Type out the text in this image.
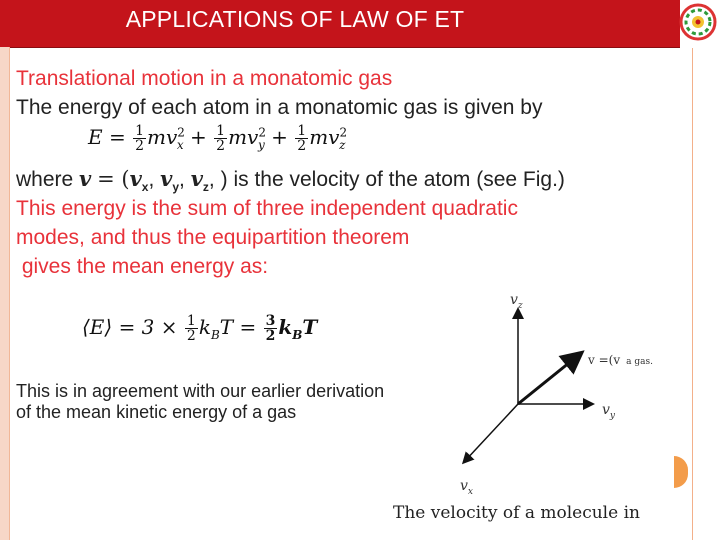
APPLICATIONS OF LAW OF ET
Translational motion in a monatomic gas
The energy of each atom in a monatomic gas is given by
$E = \frac{1}{2} mv^2_x + \frac{1}{2} mv^2_y + \frac{1}{2} mv^2_z$
where $v = (v_x$, $v_y$, $v_z$, ) is the velocity of the atom (see Fig.)
This energy is the sum of three independent quadratic
modes, and thus the equipartition theorem
gives the mean energy as:
⟨E⟩ = $3 \times \frac{1}{2} k_BT = \frac{3}{2} k_BT$
This is in agreement with our earlier derivation
of the mean kinetic energy of a gas
$v_z$
$v_y$
$v_x$
v =(v a gas.
The velocity of a molecule in
